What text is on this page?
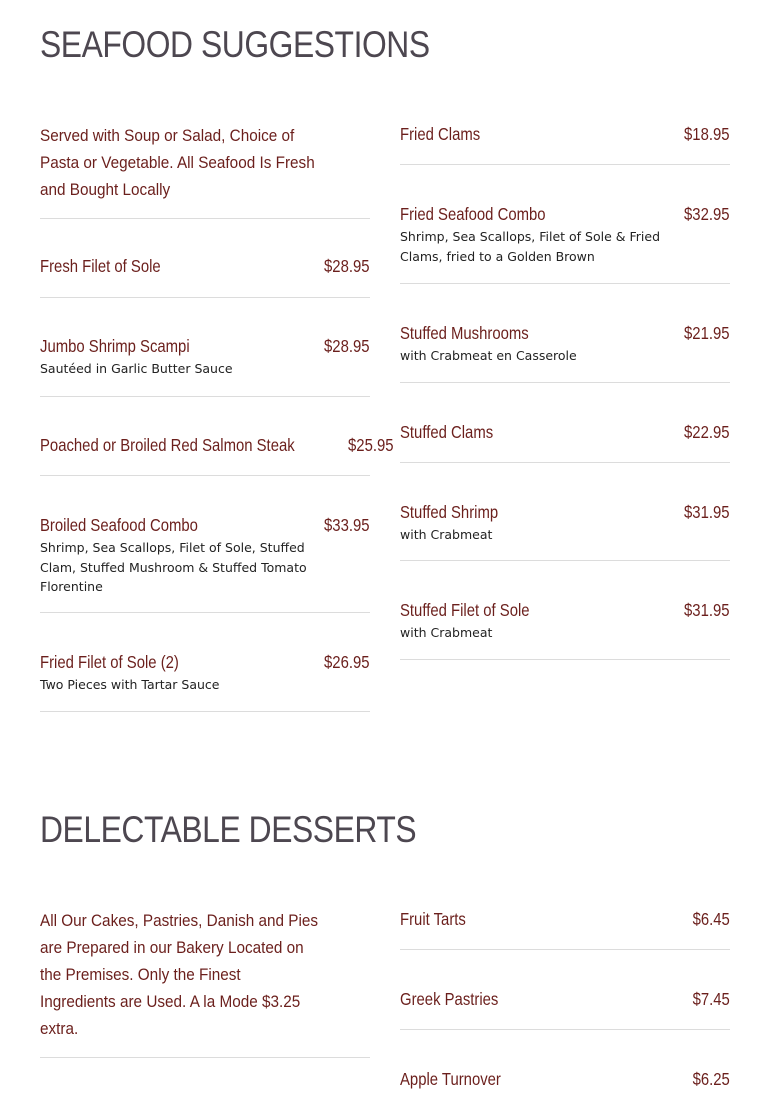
SEAFOOD SUGGESTIONS
Served with Soup or Salad, Choice of Pasta or Vegetable. All Seafood Is Fresh and Bought Locally
Fresh Filet of Sole	$28.95
Jumbo Shrimp Scampi	$28.95
Sautéed in Garlic Butter Sauce
Poached or Broiled Red Salmon Steak	$25.95
Broiled Seafood Combo	$33.95
Shrimp, Sea Scallops, Filet of Sole, Stuffed Clam, Stuffed Mushroom & Stuffed Tomato Florentine
Fried Filet of Sole (2)	$26.95
Two Pieces with Tartar Sauce
Fried Clams	$18.95
Fried Seafood Combo	$32.95
Shrimp, Sea Scallops, Filet of Sole & Fried Clams, fried to a Golden Brown
Stuffed Mushrooms	$21.95
with Crabmeat en Casserole
Stuffed Clams	$22.95
Stuffed Shrimp	$31.95
with Crabmeat
Stuffed Filet of Sole	$31.95
with Crabmeat
DELECTABLE DESSERTS
All Our Cakes, Pastries, Danish and Pies are Prepared in our Bakery Located on the Premises. Only the Finest Ingredients are Used. A la Mode $3.25 extra.
Fruit Tarts	$6.45
Greek Pastries	$7.45
Apple Turnover	$6.25
